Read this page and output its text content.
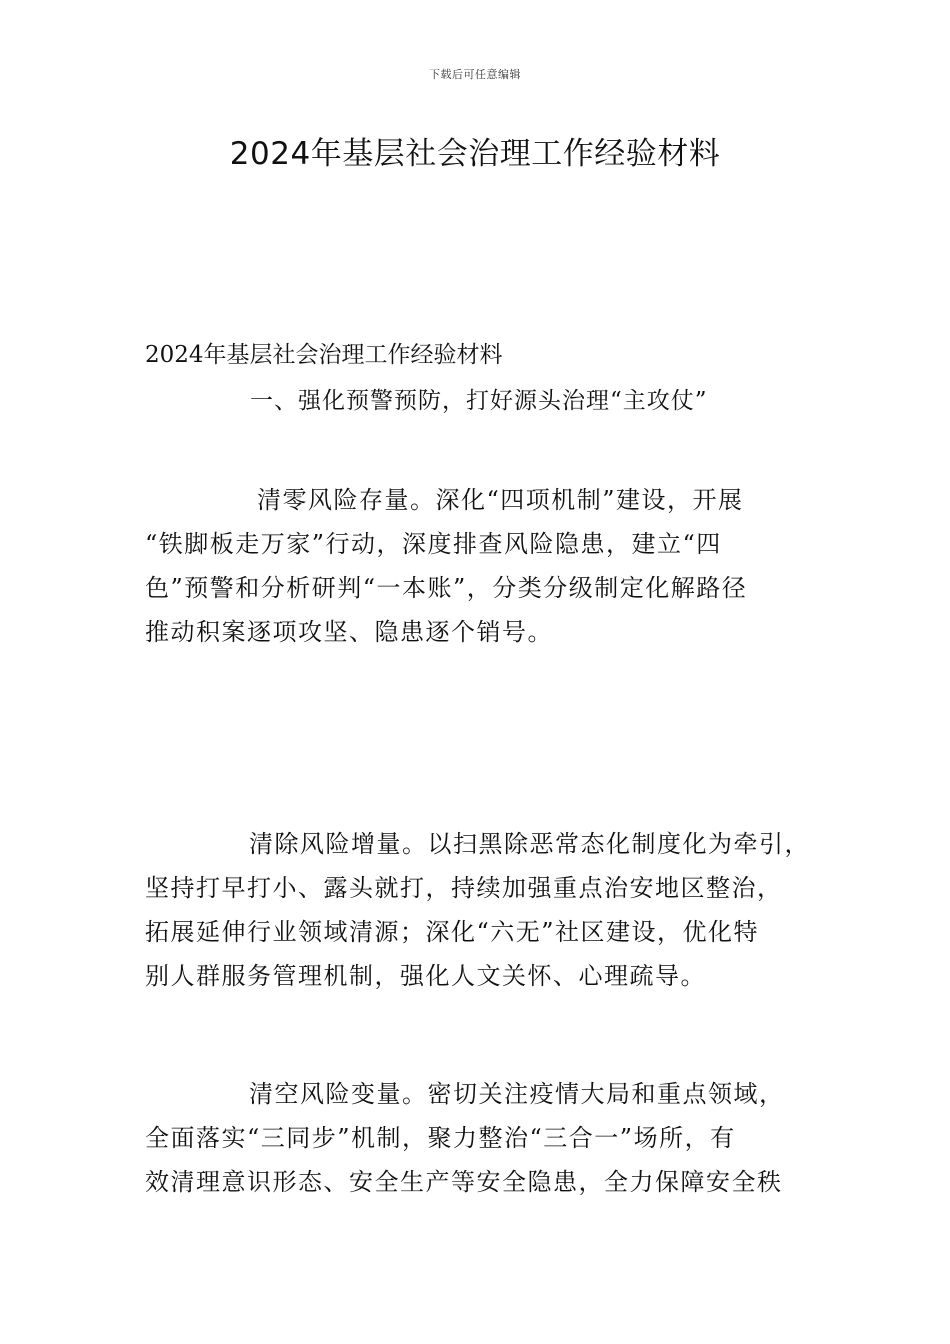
下载后可任意编辑
2024年基层社会治理工作经验材料
2024年基层社会治理工作经验材料
一、强化预警预防，打好源头治理“主攻仗”
清零风险存量。深化“四项机制”建设，开展
“铁脚板走万家”行动，深度排查风险隐患，建立“四
色”预警和分析研判“一本账”，分类分级制定化解路径
推动积案逐项攻坚、隐患逐个销号。
清除风险增量。以扫黑除恶常态化制度化为牵引，
坚持打早打小、露头就打，持续加强重点治安地区整治，
拓展延伸行业领域清源；深化“六无”社区建设，优化特
别人群服务管理机制，强化人文关怀、心理疏导。
清空风险变量。密切关注疫情大局和重点领域，
全面落实“三同步”机制，聚力整治“三合一”场所，有
效清理意识形态、安全生产等安全隐患，全力保障安全秩
